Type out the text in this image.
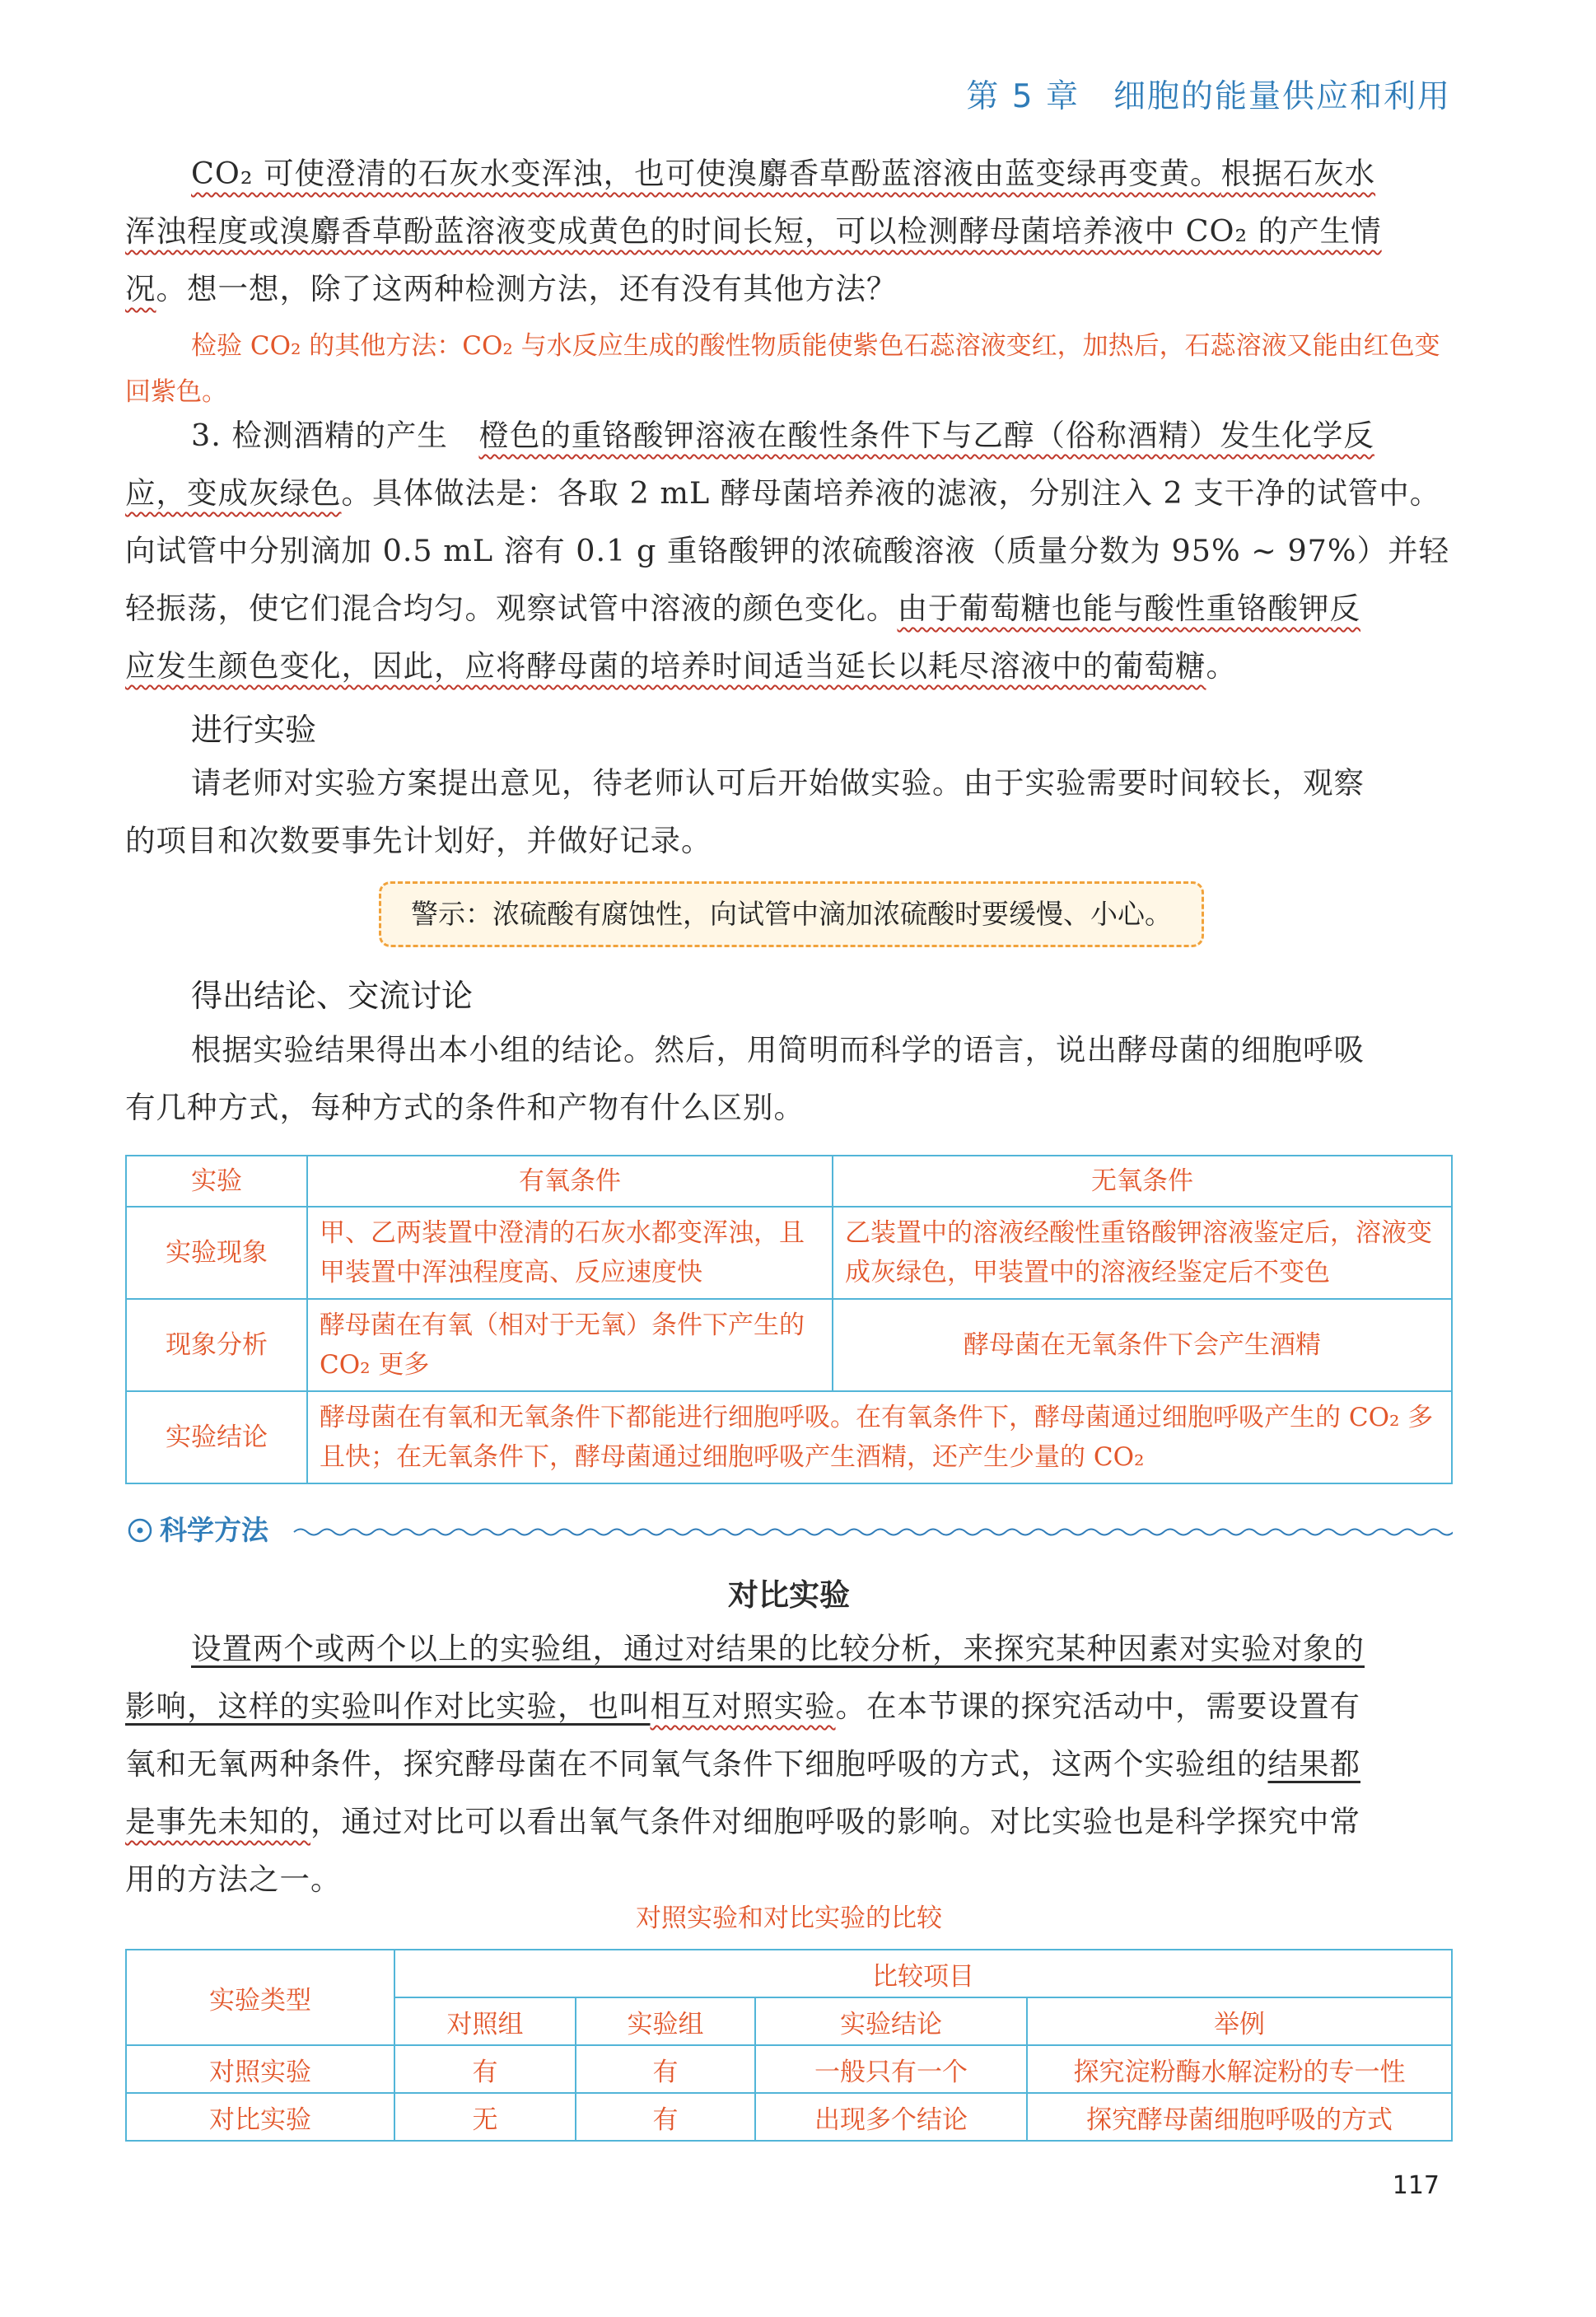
第 5 章　细胞的能量供应和利用
CO₂ 可使澄清的石灰水变浑浊，也可使溴麝香草酚蓝溶液由蓝变绿再变黄。根据石灰水
浑浊程度或溴麝香草酚蓝溶液变成黄色的时间长短，可以检测酵母菌培养液中 CO₂ 的产生情
况。想一想，除了这两种检测方法，还有没有其他方法？
检验 CO₂ 的其他方法：CO₂ 与水反应生成的酸性物质能使紫色石蕊溶液变红，加热后，石蕊溶液又能由红色变回紫色。
3. 检测酒精的产生　橙色的重铬酸钾溶液在酸性条件下与乙醇（俗称酒精）发生化学反
应，变成灰绿色。具体做法是：各取 2 mL 酵母菌培养液的滤液，分别注入 2 支干净的试管中。
向试管中分别滴加 0.5 mL 溶有 0.1 g 重铬酸钾的浓硫酸溶液（质量分数为 95% ~ 97%）并轻
轻振荡，使它们混合均匀。观察试管中溶液的颜色变化。由于葡萄糖也能与酸性重铬酸钾反
应发生颜色变化，因此，应将酵母菌的培养时间适当延长以耗尽溶液中的葡萄糖。
进行实验
请老师对实验方案提出意见，待老师认可后开始做实验。由于实验需要时间较长，观察
的项目和次数要事先计划好，并做好记录。
警示：浓硫酸有腐蚀性，向试管中滴加浓硫酸时要缓慢、小心。
得出结论、交流讨论
根据实验结果得出本小组的结论。然后，用简明而科学的语言，说出酵母菌的细胞呼吸
有几种方式，每种方式的条件和产物有什么区别。
实验	有氧条件	无氧条件
实验现象	甲、乙两装置中澄清的石灰水都变浑浊，且甲装置中浑浊程度高、反应速度快	乙装置中的溶液经酸性重铬酸钾溶液鉴定后，溶液变成灰绿色，甲装置中的溶液经鉴定后不变色
现象分析	酵母菌在有氧（相对于无氧）条件下产生的 CO₂ 更多	酵母菌在无氧条件下会产生酒精
实验结论	酵母菌在有氧和无氧条件下都能进行细胞呼吸。在有氧条件下，酵母菌通过细胞呼吸产生的 CO₂ 多且快；在无氧条件下，酵母菌通过细胞呼吸产生酒精，还产生少量的 CO₂	
科学方法
对比实验
设置两个或两个以上的实验组，通过对结果的比较分析，来探究某种因素对实验对象的
影响，这样的实验叫作对比实验，也叫相互对照实验。在本节课的探究活动中，需要设置有
氧和无氧两种条件，探究酵母菌在不同氧气条件下细胞呼吸的方式，这两个实验组的结果都
是事先未知的，通过对比可以看出氧气条件对细胞呼吸的影响。对比实验也是科学探究中常
用的方法之一。
对照实验和对比实验的比较
实验类型	比较项目			
	对照组	实验组	实验结论	举例
对照实验	有	有	一般只有一个	探究淀粉酶水解淀粉的专一性
对比实验	无	有	出现多个结论	探究酵母菌细胞呼吸的方式
117
